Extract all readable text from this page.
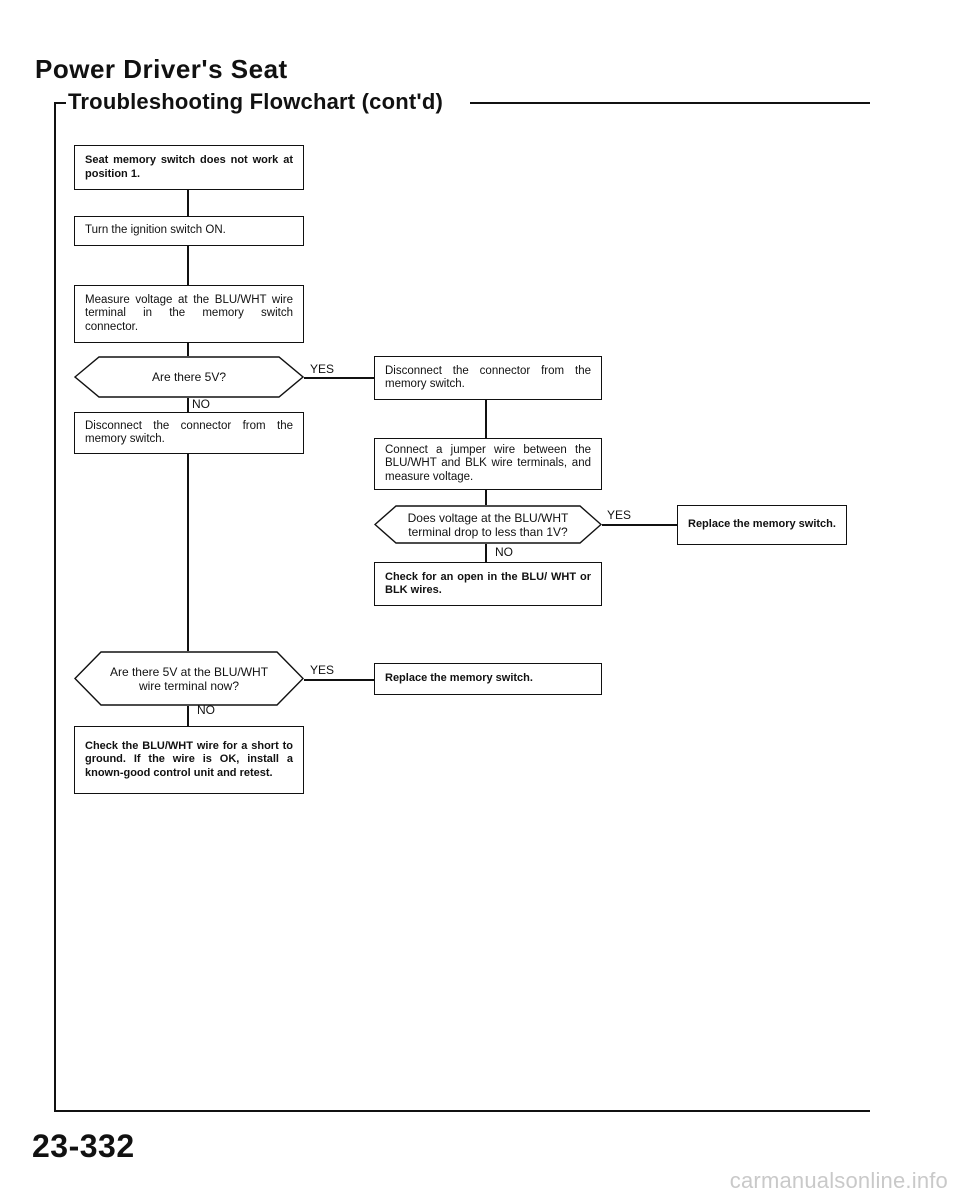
Power Driver's Seat
Troubleshooting Flowchart (cont'd)
Seat memory switch does not work at position 1.
Turn the ignition switch ON.
Measure voltage at the BLU/WHT wire terminal in the memory switch connector.
Are there 5V?
YES
NO
Disconnect the connector from the memory switch.
Are there 5V at the BLU/WHT wire terminal now?
YES
NO
Check the BLU/WHT wire for a short to ground. If the wire is OK, install a known-good control unit and retest.
Disconnect the connector from the memory switch.
Connect a jumper wire between the BLU/WHT and BLK wire terminals, and measure voltage.
Does voltage at the BLU/WHT terminal drop to less than 1V?
YES
NO
Check for an open in the BLU/ WHT or BLK wires.
Replace the memory switch.
Replace the memory switch.
23-332
carmanualsonline.info
